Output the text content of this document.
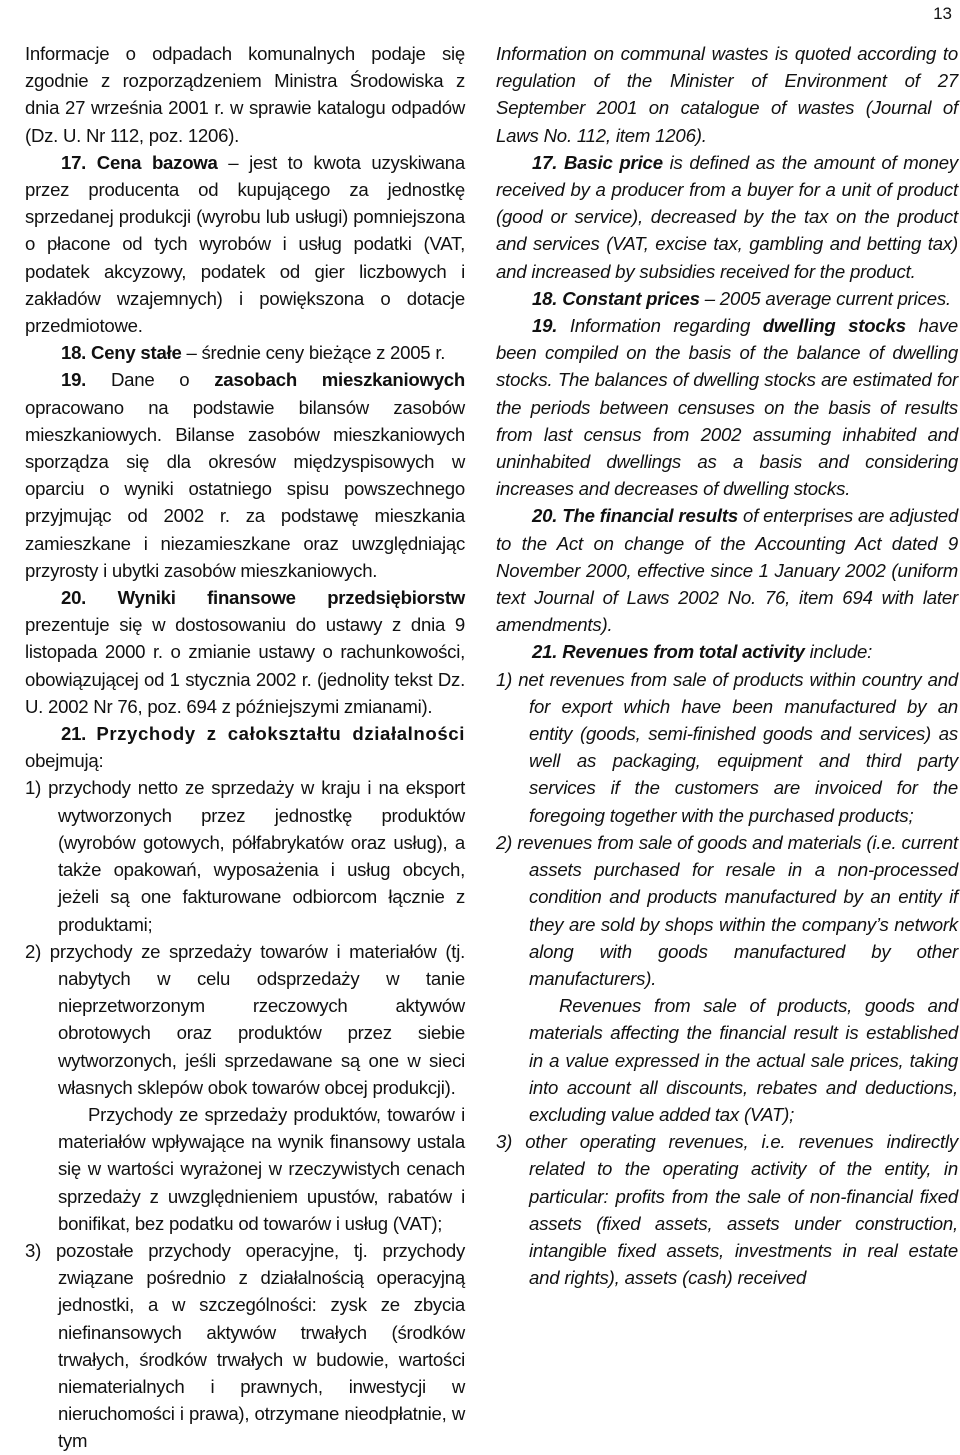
13

Informacje o odpadach komunalnych podaje się zgodnie z rozporządzeniem Ministra Środowiska z dnia 27 września 2001 r. w sprawie katalogu odpadów (Dz. U. Nr 112, poz. 1206).

17. Cena bazowa – jest to kwota uzyskiwana przez producenta od kupującego za jednostkę sprzedanej produkcji (wyrobu lub usługi) pomniejszona o płacone od tych wyrobów i usług podatki (VAT, podatek akcyzowy, podatek od gier liczbowych i zakładów wzajemnych) i powiększona o dotacje przedmiotowe.

18. Ceny stałe – średnie ceny bieżące z 2005 r.

19. Dane o zasobach mieszkaniowych opracowano na podstawie bilansów zasobów mieszkaniowych. Bilanse zasobów mieszkaniowych sporządza się dla okresów międzyspisowych w oparciu o wyniki ostatniego spisu powszechnego przyjmując od 2002 r. za podstawę mieszkania zamieszkane i niezamieszkane oraz uwzględniając przyrosty i ubytki zasobów mieszkaniowych.

20. Wyniki finansowe przedsiębiorstw prezentuje się w dostosowaniu do ustawy z dnia 9 listopada 2000 r. o zmianie ustawy o rachunkowości, obowiązującej od 1 stycznia 2002 r. (jednolity tekst Dz. U. 2002 Nr 76, poz. 694 z późniejszymi zmianami).

21. Przychody z całokształtu działalności obejmują:

1) przychody netto ze sprzedaży w kraju i na eksport wytworzonych przez jednostkę produktów (wyrobów gotowych, półfabrykatów oraz usług), a także opakowań, wyposażenia i usług obcych, jeżeli są one fakturowane odbiorcom łącznie z produktami;

2) przychody ze sprzedaży towarów i materiałów (tj. nabytych w celu odsprzedaży w tanie nieprzetworzonym rzeczowych aktywów obrotowych oraz produktów przez siebie wytworzonych, jeśli sprzedawane są one w sieci własnych sklepów obok towarów obcej produkcji).

Przychody ze sprzedaży produktów, towarów i materiałów wpływające na wynik finansowy ustala się w wartości wyrażonej w rzeczywistych cenach sprzedaży z uwzględnieniem upustów, rabatów i bonifikat, bez podatku od towarów i usług (VAT);

3) pozostałe przychody operacyjne, tj. przychody związane pośrednio z działalnością operacyjną jednostki, a w szczególności: zysk ze zbycia niefinansowych aktywów trwałych (środków trwałych, środków trwałych w budowie, wartości niematerialnych i prawnych, inwestycji w nieruchomości i prawa), otrzymane nieodpłatnie, w tym

Information on communal wastes is quoted according to regulation of the Minister of Environment of 27 September 2001 on catalogue of wastes (Journal of Laws No. 112, item 1206).

17. Basic price is defined as the amount of money received by a producer from a buyer for a unit of product (good or service), decreased by the tax on the product and services (VAT, excise tax, gambling and betting tax) and increased by subsidies received for the product.

18. Constant prices – 2005 average current prices.

19. Information regarding dwelling stocks have been compiled on the basis of the balance of dwelling stocks. The balances of dwelling stocks are estimated for the periods between censuses on the basis of results from last census from 2002 assuming inhabited and uninhabited dwellings as a basis and considering increases and decreases of dwelling stocks.

20. The financial results of enterprises are adjusted to the Act on change of the Accounting Act dated 9 November 2000, effective since 1 January 2002 (uniform text Journal of Laws 2002 No. 76, item 694 with later amendments).

21. Revenues from total activity include:

1) net revenues from sale of products within country and for export which have been manufactured by an entity (goods, semi-finished goods and services) as well as packaging, equipment and third party services if the customers are invoiced for the foregoing together with the purchased products;

2) revenues from sale of goods and materials (i.e. current assets purchased for resale in a non-processed condition and products manufactured by an entity if they are sold by shops within the company’s network along with goods manufactured by other manufacturers).

Revenues from sale of products, goods and materials affecting the financial result is established in a value expressed in the actual sale prices, taking into account all discounts, rebates and deductions, excluding value added tax (VAT);

3) other operating revenues, i.e. revenues indirectly related to the operating activity of the entity, in particular: profits from the sale of non-financial fixed assets (fixed assets, assets under construction, intangible fixed assets, investments in real estate and rights), assets (cash) received
